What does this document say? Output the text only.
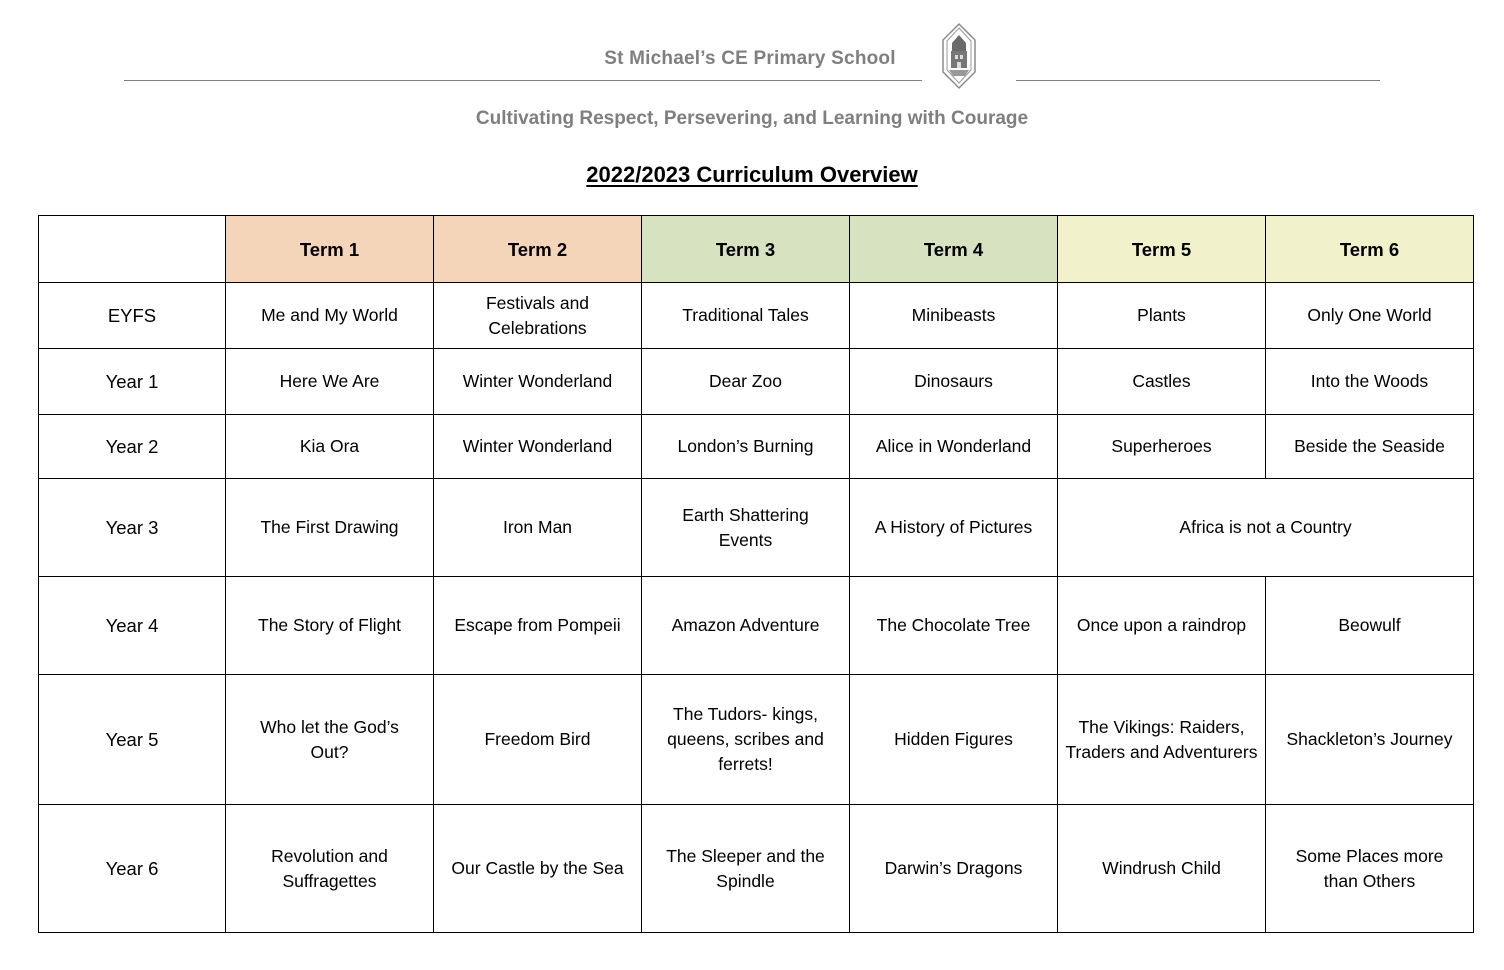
St Michael’s CE Primary School
Cultivating Respect, Persevering, and Learning with Courage
2022/2023 Curriculum Overview
	Term 1	Term 2	Term 3	Term 4	Term 5	Term 6
EYFS	Me and My World	Festivals and Celebrations	Traditional Tales	Minibeasts	Plants	Only One World
Year 1	Here We Are	Winter Wonderland	Dear Zoo	Dinosaurs	Castles	Into the Woods
Year 2	Kia Ora	Winter Wonderland	London’s Burning	Alice in Wonderland	Superheroes	Beside the Seaside
Year 3	The First Drawing	Iron Man	Earth Shattering Events	A History of Pictures	Africa is not a Country	
Year 4	The Story of Flight	Escape from Pompeii	Amazon Adventure	The Chocolate Tree	Once upon a raindrop	Beowulf
Year 5	Who let the God’s Out?	Freedom Bird	The Tudors- kings, queens, scribes and ferrets!	Hidden Figures	The Vikings: Raiders, Traders and Adventurers	Shackleton’s Journey
Year 6	Revolution and Suffragettes	Our Castle by the Sea	The Sleeper and the Spindle	Darwin’s Dragons	Windrush Child	Some Places more than Others
